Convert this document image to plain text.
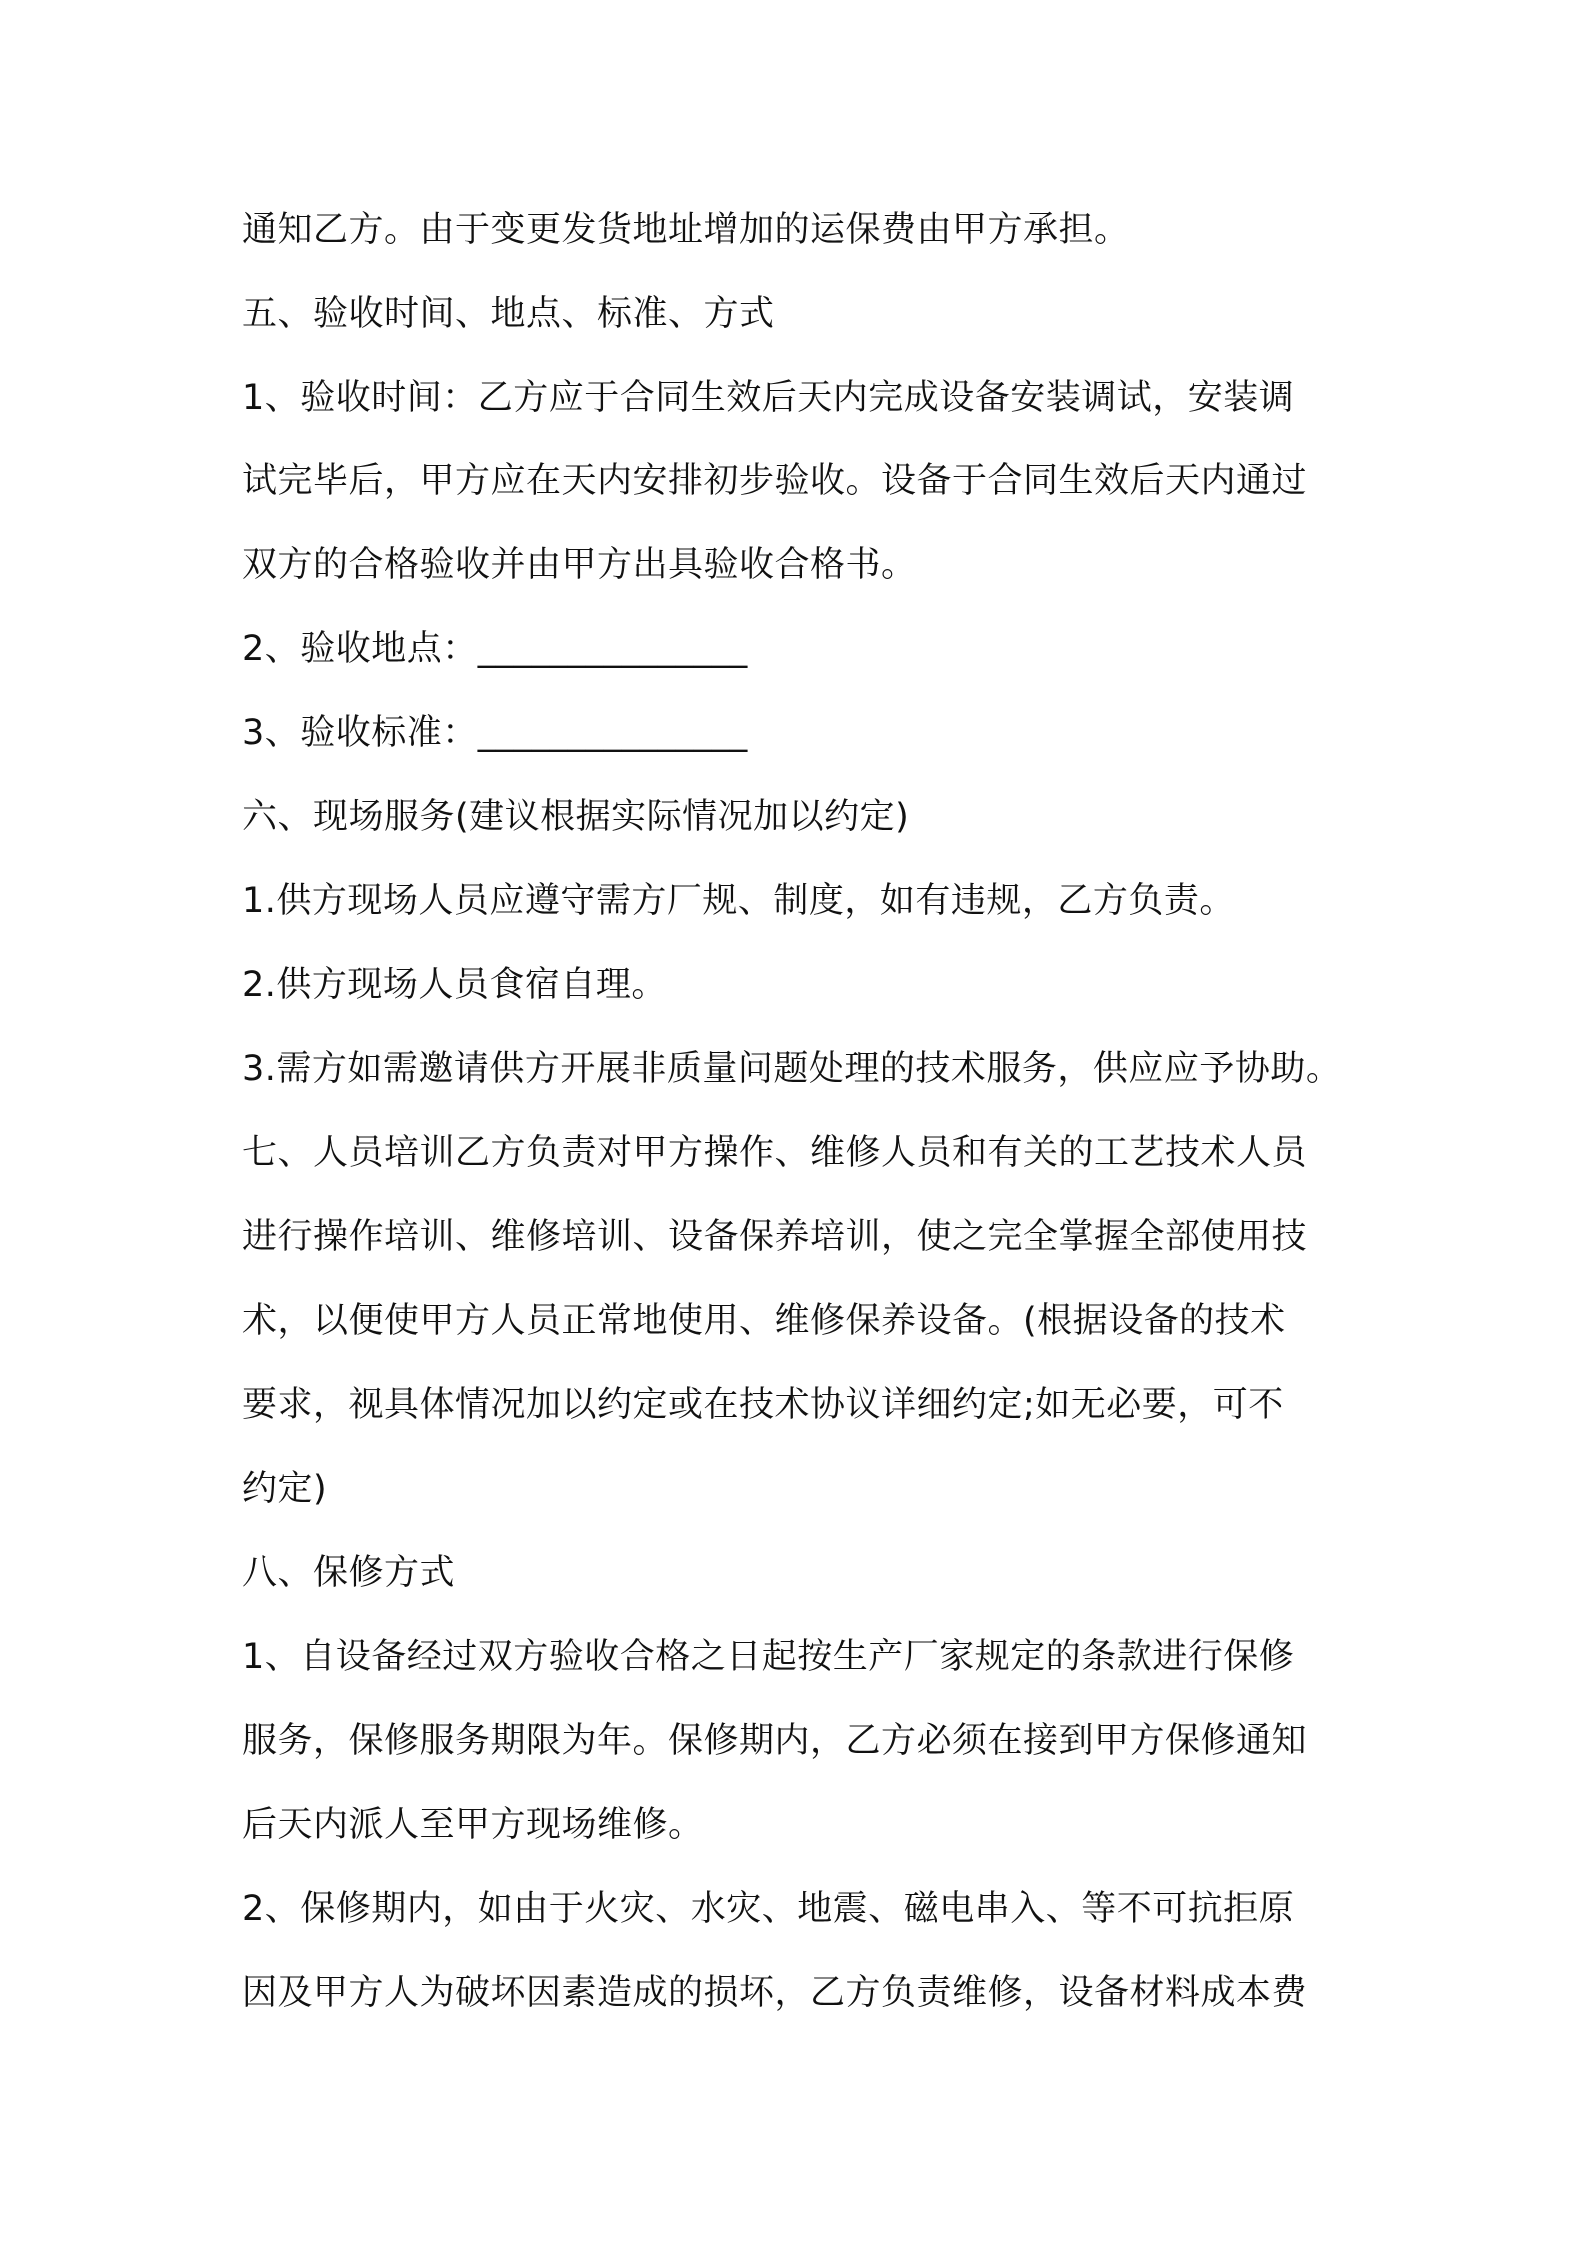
通知乙方。由于变更发货地址增加的运保费由甲方承担。

五、验收时间、地点、标准、方式

1、验收时间：乙方应于合同生效后天内完成设备安装调试，安装调

试完毕后，甲方应在天内安排初步验收。设备于合同生效后天内通过

双方的合格验收并由甲方出具验收合格书。

2、验收地点：_______________

3、验收标准：_______________

六、现场服务(建议根据实际情况加以约定)

1.供方现场人员应遵守需方厂规、制度，如有违规，乙方负责。

2.供方现场人员食宿自理。

3.需方如需邀请供方开展非质量问题处理的技术服务，供应应予协助。

七、人员培训乙方负责对甲方操作、维修人员和有关的工艺技术人员

进行操作培训、维修培训、设备保养培训，使之完全掌握全部使用技

术，以便使甲方人员正常地使用、维修保养设备。(根据设备的技术

要求，视具体情况加以约定或在技术协议详细约定;如无必要，可不

约定)

八、保修方式

1、自设备经过双方验收合格之日起按生产厂家规定的条款进行保修

服务，保修服务期限为年。保修期内，乙方必须在接到甲方保修通知

后天内派人至甲方现场维修。

2、保修期内，如由于火灾、水灾、地震、磁电串入、等不可抗拒原

因及甲方人为破坏因素造成的损坏，乙方负责维修，设备材料成本费
